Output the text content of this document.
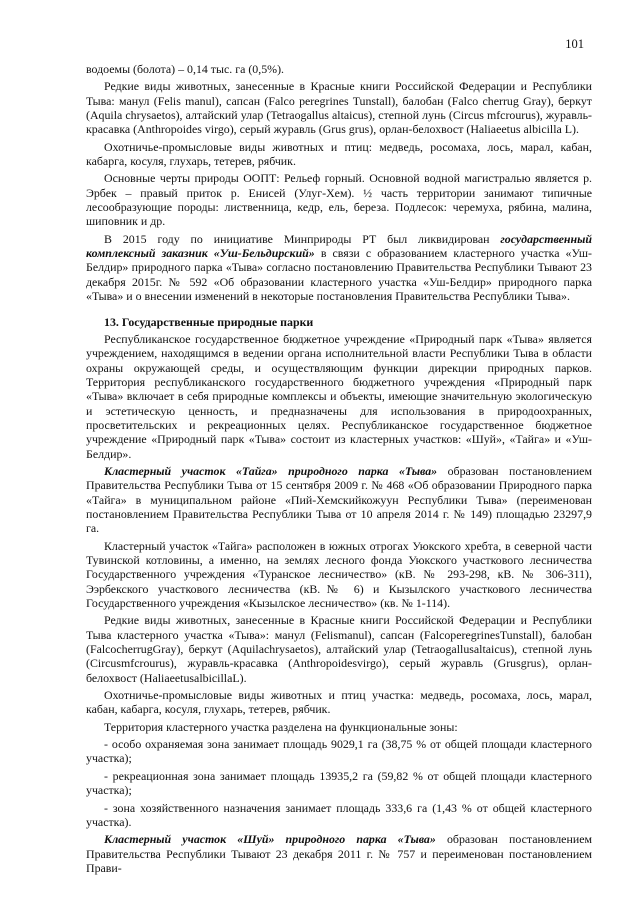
101

водоемы (болота) – 0,14 тыс. га (0,5%).

Редкие виды животных, занесенные в Красные книги Российской Федерации и Республики Тыва: манул (Felis manul), сапсан (Falco peregrines Tunstall), балобан (Falco cherrug Gray), беркут (Aquila chrysaetos), алтайский улар (Tetraogallus altaicus), степной лунь (Circus mfcrourus), журавль-красавка (Anthropoides virgo), серый журавль (Grus grus), орлан-белохвост (Haliaeetus albicilla L).

Охотничье-промысловые виды животных и птиц: медведь, росомаха, лось, марал, кабан, кабарга, косуля, глухарь, тетерев, рябчик.

Основные черты природы ООПТ: Рельеф горный. Основной водной магистралью является р. Эрбек – правый приток р. Енисей (Улуг-Хем). ½ часть территории занимают типичные лесообразующие породы: лиственница, кедр, ель, береза. Подлесок: черемуха, рябина, малина, шиповник и др.

В 2015 году по инициативе Минприроды РТ был ликвидирован государственный комплексный заказник «Уш-Бельдирский» в связи с образованием кластерного участка «Уш-Белдир» природного парка «Тыва» согласно постановлению Правительства Республики Тывают 23 декабря 2015г. № 592 «Об образовании кластерного участка «Уш-Белдир» природного парка «Тыва» и о внесении изменений в некоторые постановления Правительства Республики Тыва».

13. Государственные природные парки

Республиканское государственное бюджетное учреждение «Природный парк «Тыва» является учреждением, находящимся в ведении органа исполнительной власти Республики Тыва в области охраны окружающей среды, и осуществляющим функции дирекции природных парков. Территория республиканского государственного бюджетного учреждения «Природный парк «Тыва» включает в себя природные комплексы и объекты, имеющие значительную экологическую и эстетическую ценность, и предназначены для использования в природоохранных, просветительских и рекреационных целях. Республиканское государственное бюджетное учреждение «Природный парк «Тыва» состоит из кластерных участков: «Шуй», «Тайга» и «Уш-Белдир».

Кластерный участок «Тайга» природного парка «Тыва» образован постановлением Правительства Республики Тыва от 15 сентября 2009 г. № 468 «Об образовании Природного парка «Тайга» в муниципальном районе «Пий-Хемскийкожуун Республики Тыва» (переименован постановлением Правительства Республики Тыва от 10 апреля 2014 г. № 149) площадью 23297,9 га.

Кластерный участок «Тайга» расположен в южных отрогах Уюкского хребта, в северной части Тувинской котловины, а именно, на землях лесного фонда Уюкского участкового лесничества Государственного учреждения «Туранское лесничество» (кВ. № 293-298, кВ. № 306-311), Ээрбекского участкового лесничества (кВ.№ 6) и Кызылского участкового лесничества Государственного учреждения «Кызылское лесничество» (кв. № 1-114).

Редкие виды животных, занесенные в Красные книги Российской Федерации и Республики Тыва кластерного участка «Тыва»: манул (Felismanul), сапсан (FalcoperegrinesTunstall), балобан (FalcocherrugGray), беркут (Aquilachrysaetos), алтайский улар (Tetraogallusaltaicus), степной лунь (Circusmfcrourus), журавль-красавка (Anthropoidesvirgo), серый журавль (Grusgrus), орлан-белохвост (HaliaeetusalbicillaL).

Охотничье-промысловые виды животных и птиц участка: медведь, росомаха, лось, марал, кабан, кабарга, косуля, глухарь, тетерев, рябчик.

Территория кластерного участка разделена на функциональные зоны:

- особо охраняемая зона занимает площадь 9029,1 га (38,75 % от общей площади кластерного участка);

- рекреационная зона занимает площадь 13935,2 га (59,82 % от общей площади кластерного участка);

- зона хозяйственного назначения занимает площадь 333,6 га (1,43 % от общей кластерного участка).

Кластерный участок «Шуй» природного парка «Тыва» образован постановлением Правительства Республики Тывают 23 декабря 2011 г. № 757 и переименован постановлением Прави-
